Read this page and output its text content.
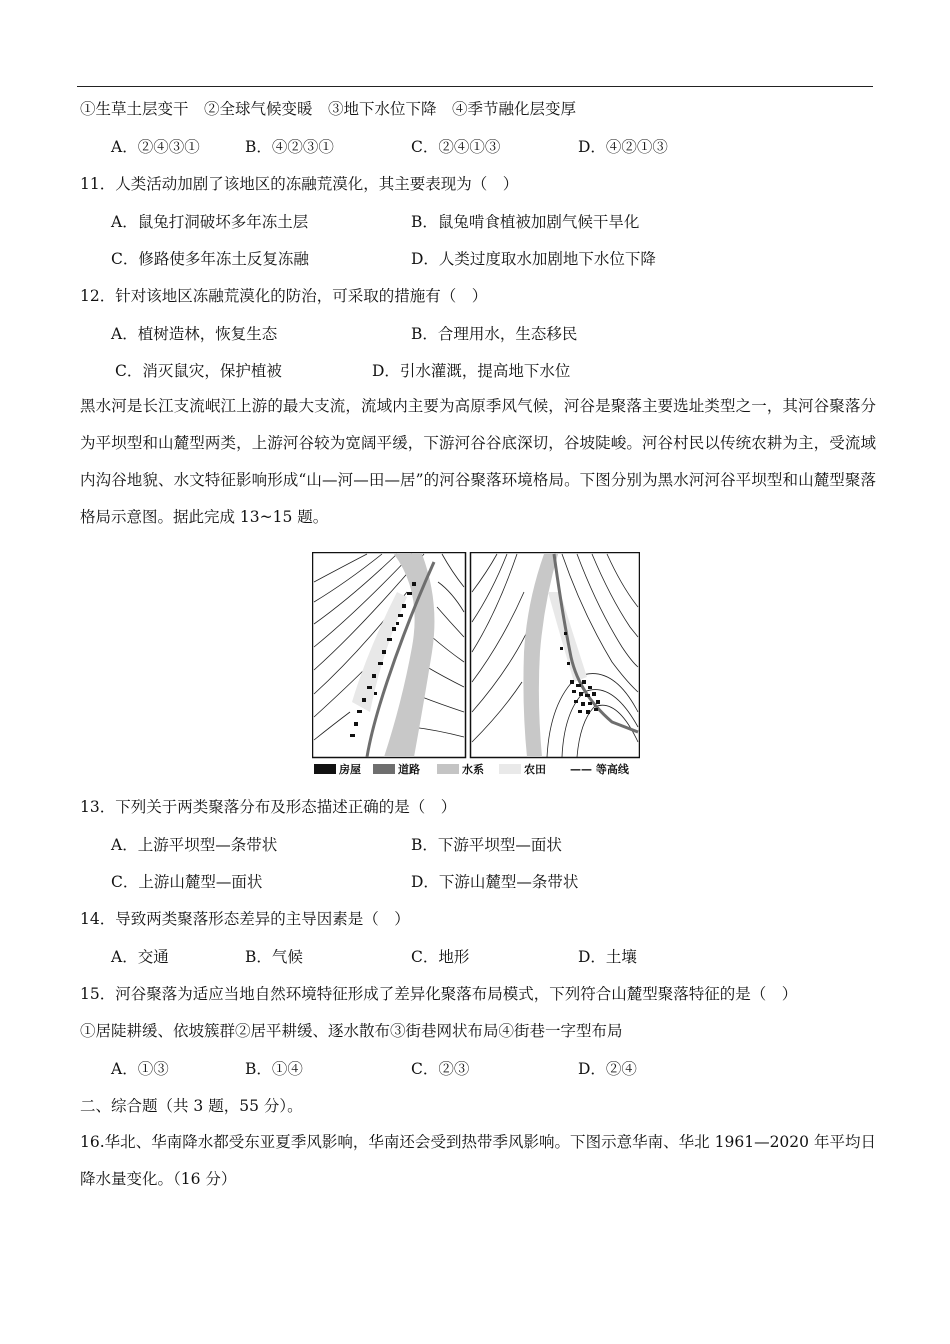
①生草土层变干　②全球气候变暖　③地下水位下降　④季节融化层变厚
A．②④③①	B．④②③①	C．②④①③	D．④②①③
11．人类活动加剧了该地区的冻融荒漠化，其主要表现为（　）
A．鼠兔打洞破坏多年冻土层	B．鼠兔啃食植被加剧气候干旱化
C．修路使多年冻土反复冻融	D．人类过度取水加剧地下水位下降
12．针对该地区冻融荒漠化的防治，可采取的措施有（　）
A．植树造林，恢复生态	B．合理用水，生态移民
C．消灭鼠灾，保护植被	D．引水灌溉，提高地下水位
黑水河是长江支流岷江上游的最大支流，流域内主要为高原季风气候，河谷是聚落主要选址类型之一，其河谷聚落分为平坝型和山麓型两类，上游河谷较为宽阔平缓，下游河谷谷底深切，谷坡陡峻。河谷村民以传统农耕为主，受流域内沟谷地貌、水文特征影响形成“山—河—田—居”的河谷聚落环境格局。下图分别为黑水河河谷平坝型和山麓型聚落格局示意图。据此完成 13~15 题。
房屋	道路	水系	农田 —— 等高线
13．下列关于两类聚落分布及形态描述正确的是（　）
A．上游平坝型—条带状	B．下游平坝型—面状
C．上游山麓型—面状	D．下游山麓型—条带状
14．导致两类聚落形态差异的主导因素是（　）
A．交通	B．气候	C．地形	D．土壤
15．河谷聚落为适应当地自然环境特征形成了差异化聚落布局模式，下列符合山麓型聚落特征的是（　）
①居陡耕缓、依坡簇群②居平耕缓、逐水散布③街巷网状布局④街巷一字型布局
A．①③	B．①④	C．②③	D．②④
二、综合题（共 3 题，55 分）。
16.华北、华南降水都受东亚夏季风影响，华南还会受到热带季风影响。下图示意华南、华北 1961—2020 年平均日降水量变化。（16 分）
